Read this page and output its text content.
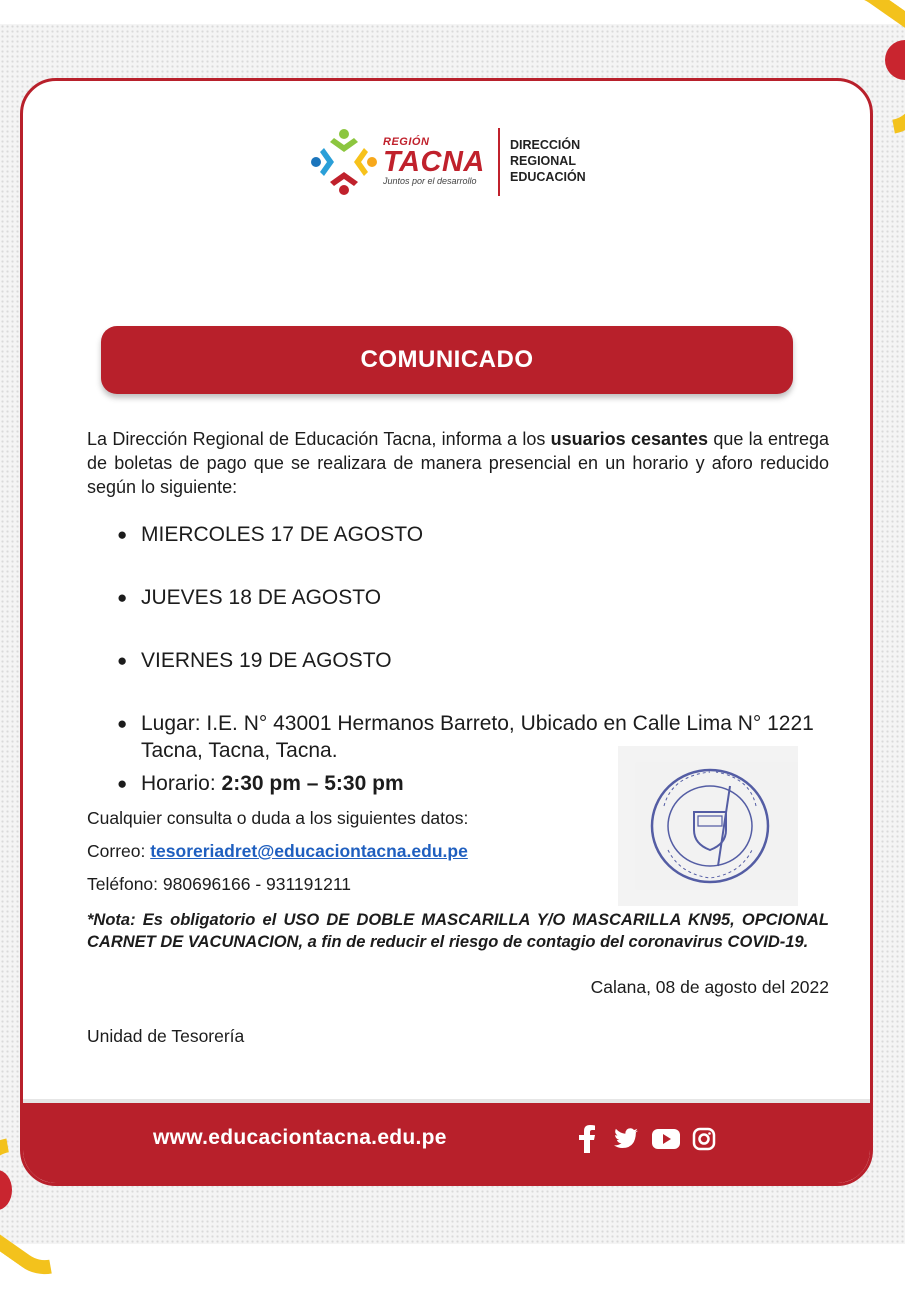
REGIÓN
TACNA
Juntos por el desarrollo
DIRECCIÓN
REGIONAL
EDUCACIÓN
COMUNICADO
La Dirección Regional de Educación Tacna, informa a los usuarios cesantes que la entrega de boletas de pago que se realizara de manera presencial en un horario y aforo reducido según lo siguiente:
● MIERCOLES 17 DE AGOSTO
● JUEVES 18 DE AGOSTO
● VIERNES 19 DE AGOSTO
● Lugar: I.E. N° 43001 Hermanos Barreto, Ubicado en Calle Lima N° 1221 Tacna, Tacna, Tacna.
● Horario: 2:30 pm – 5:30 pm
Cualquier consulta o duda a los siguientes datos:
Correo: tesoreriadret@educaciontacna.edu.pe
Teléfono: 980696166 - 931191211
*Nota: Es obligatorio el USO DE DOBLE MASCARILLA Y/O MASCARILLA KN95, OPCIONAL CARNET DE VACUNACION, a fin de reducir el riesgo de contagio del coronavirus COVID-19.
Calana, 08 de agosto del 2022
Unidad de Tesorería
www.educaciontacna.edu.pe
